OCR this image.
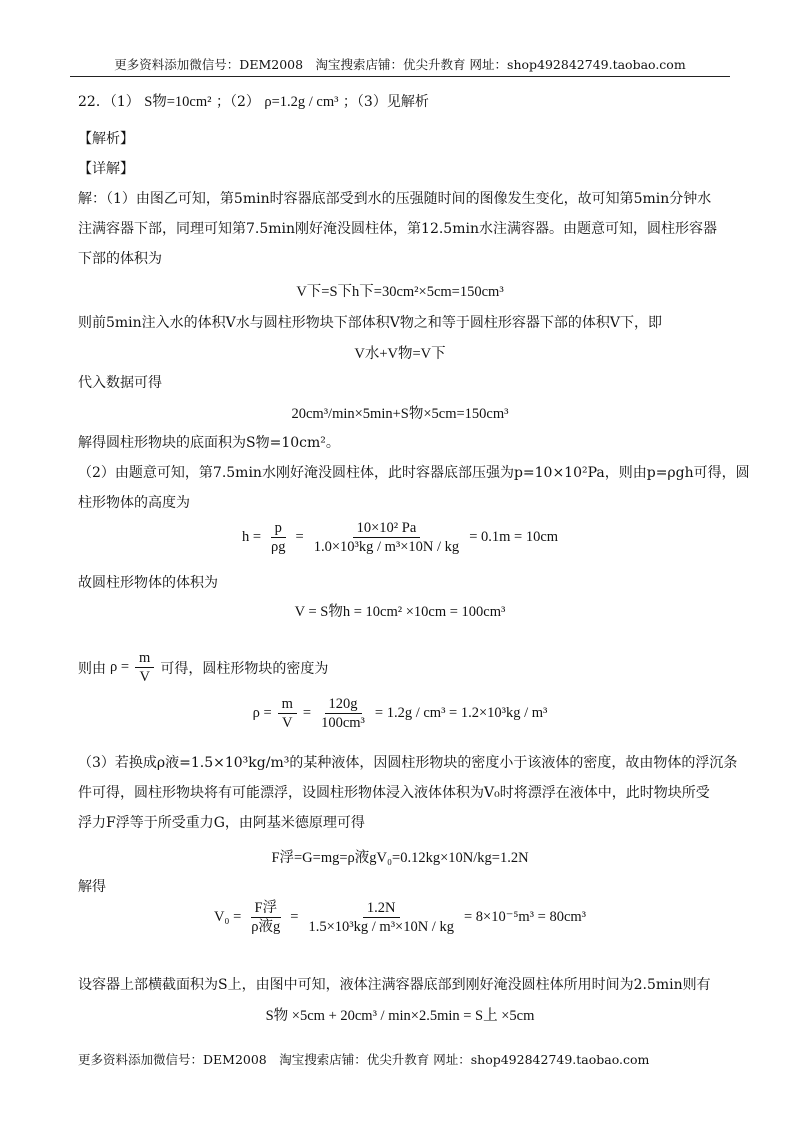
更多资料添加微信号：DEM2008　淘宝搜索店铺：优尖升教育 网址：shop492842749.taobao.com
22．（1） S物=10cm² ；（2） ρ=1.2g / cm³ ；（3）见解析
【解析】
【详解】
解：（1）由图乙可知，第5min时容器底部受到水的压强随时间的图像发生变化，故可知第5min分钟水
注满容器下部，同理可知第7.5min刚好淹没圆柱体，第12.5min水注满容器。由题意可知，圆柱形容器
下部的体积为
V下=S下h下=30cm²×5cm=150cm³
则前5min注入水的体积V水与圆柱形物块下部体积V物之和等于圆柱形容器下部的体积V下，即
V水+V物=V下
代入数据可得
20cm³/min×5min+S物×5cm=150cm³
解得圆柱形物块的底面积为S物=10cm²。
（2）由题意可知，第7.5min水刚好淹没圆柱体，此时容器底部压强为p=10×10²Pa，则由p=ρgh可得，圆
柱形物体的高度为
$h = \frac{p}{\rho g} = \frac{\text{10×10² Pa}}{\text{1.0×10³kg / m³×10N / kg}} = 0.1m = 10cm$
故圆柱形物体的体积为
V = S物h = 10cm² ×10cm = 100cm³
则由 $\rho = \frac{m}{V}$ 可得，圆柱形物块的密度为
$\rho = \frac{m}{V} = \frac{120g}{\text{100cm³}} = 1.2g / cm^3 = 1.2\times 10^3kg / m^3$
（3）若换成ρ液=1.5×10³kg/m³的某种液体，因圆柱形物块的密度小于该液体的密度，故由物体的浮沉条
件可得，圆柱形物块将有可能漂浮，设圆柱形物体浸入液体体积为V₀时将漂浮在液体中，此时物块所受
浮力F浮等于所受重力G，由阿基米德原理可得
F浮=G=mg=ρ液gV₀=0.12kg×10N/kg=1.2N
解得
$V_0 = \frac{\text{F浮}}{\text{ρ液g}} = \frac{1.2N}{\text{1.5×10³kg / m³×10N / kg}} = 8\times 10^{-5}m^3 = 80cm^3$
设容器上部横截面积为S上，由图中可知，液体注满容器底部到刚好淹没圆柱体所用时间为2.5min则有
S物 ×5cm + 20cm³ / min×2.5min = S上 ×5cm
更多资料添加微信号：DEM2008　淘宝搜索店铺：优尖升教育 网址：shop492842749.taobao.com
